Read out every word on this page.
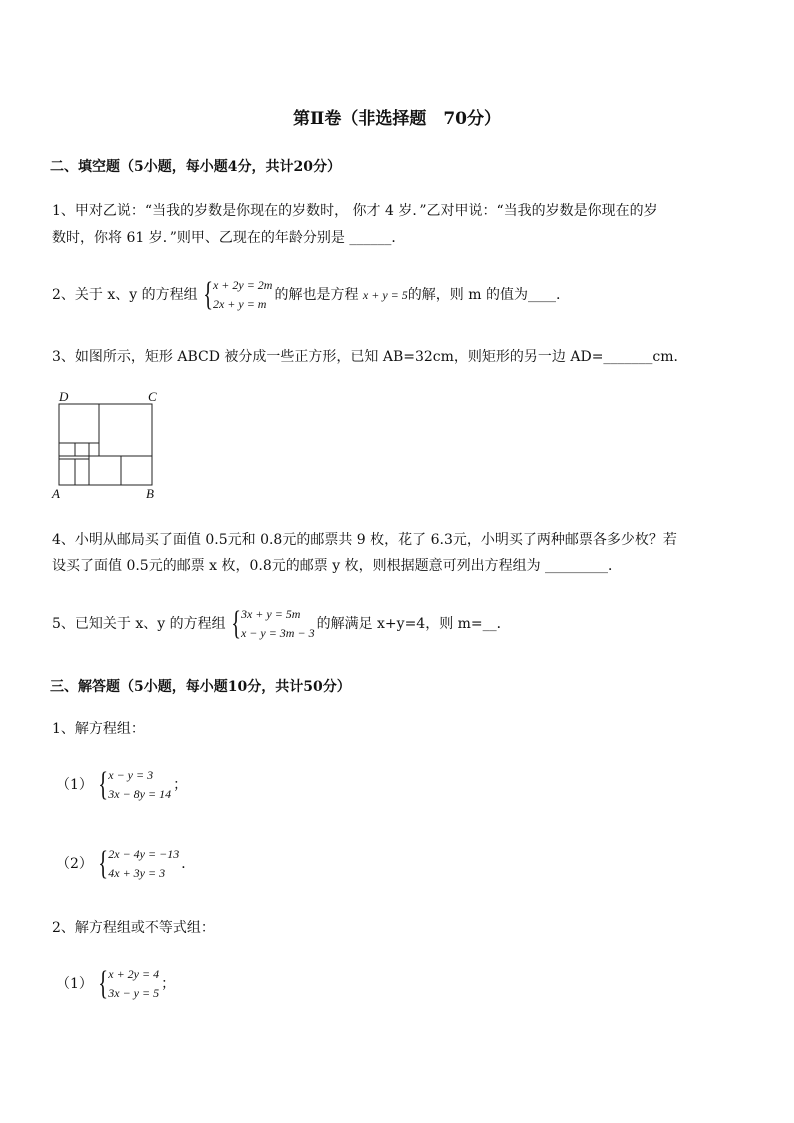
第Ⅱ卷（非选择题　70分）
二、填空题（5小题，每小题4分，共计20分）
1、甲对乙说：“当我的岁数是你现在的岁数时， 你才 4 岁．”乙对甲说：“当我的岁数是你现在的岁
数时，你将 61 岁．”则甲、乙现在的年龄分别是 ______．
2、关于 x、y 的方程组 { x + 2y = 2m
2x + y = m
的解也是方程 x + y = 5的解，则 m 的值为____.
3、如图所示，矩形 ABCD 被分成一些正方形，已知 AB=32cm，则矩形的另一边 AD=_______cm．
D	C
A	B
4、小明从邮局买了面值 0.5元和 0.8元的邮票共 9 枚，花了 6.3元，小明买了两种邮票各多少枚？若
设买了面值 0.5元的邮票 x 枚，0.8元的邮票 y 枚，则根据题意可列出方程组为 _________．
5、已知关于 x、y 的方程组 { 3x + y = 5m
x − y = 3m − 3
的解满足 x+y=4，则 m=__．
三、解答题（5小题，每小题10分，共计50分）
1、解方程组：
（1） { x − y = 3
3x − 8y = 14
；
（2） { 2x − 4y = −13
4x + 3y = 3
．
2、解方程组或不等式组：
（1） { x + 2y = 4
3x − y = 5
；
